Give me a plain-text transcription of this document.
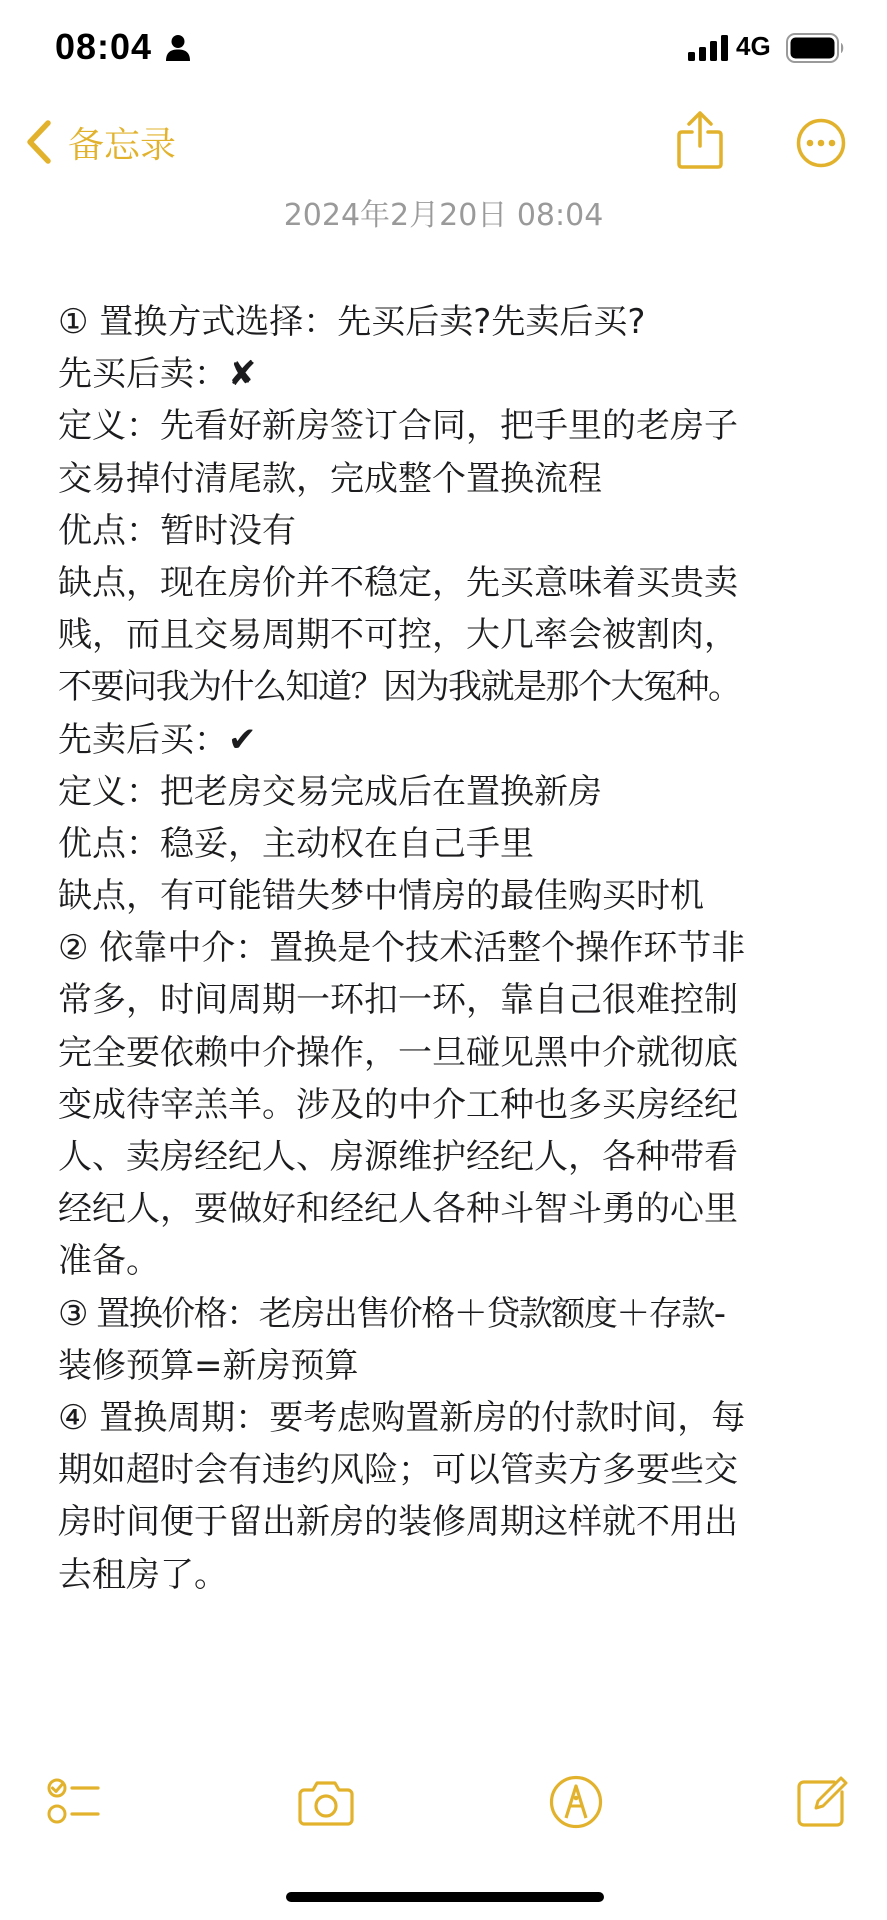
08:04	4G
备忘录
2024年2月20日 08:04
① 置换方式选择：先买后卖?先卖后买?
先买后卖：✘
定义：先看好新房签订合同，把手里的老房子
交易掉付清尾款，完成整个置换流程
优点：暂时没有
缺点，现在房价并不稳定，先买意味着买贵卖
贱，而且交易周期不可控，大几率会被割肉，
不要问我为什么知道？因为我就是那个大冤种。
先卖后买：✔
定义：把老房交易完成后在置换新房
优点：稳妥，主动权在自己手里
缺点，有可能错失梦中情房的最佳购买时机
② 依靠中介：置换是个技术活整个操作环节非
常多，时间周期一环扣一环，靠自己很难控制
完全要依赖中介操作，一旦碰见黑中介就彻底
变成待宰羔羊。涉及的中介工种也多买房经纪
人、卖房经纪人、房源维护经纪人，各种带看
经纪人，要做好和经纪人各种斗智斗勇的心里
准备。
③ 置换价格：老房出售价格＋贷款额度＋存款-
装修预算=新房预算
④ 置换周期：要考虑购置新房的付款时间，每
期如超时会有违约风险；可以管卖方多要些交
房时间便于留出新房的装修周期这样就不用出
去租房了。
